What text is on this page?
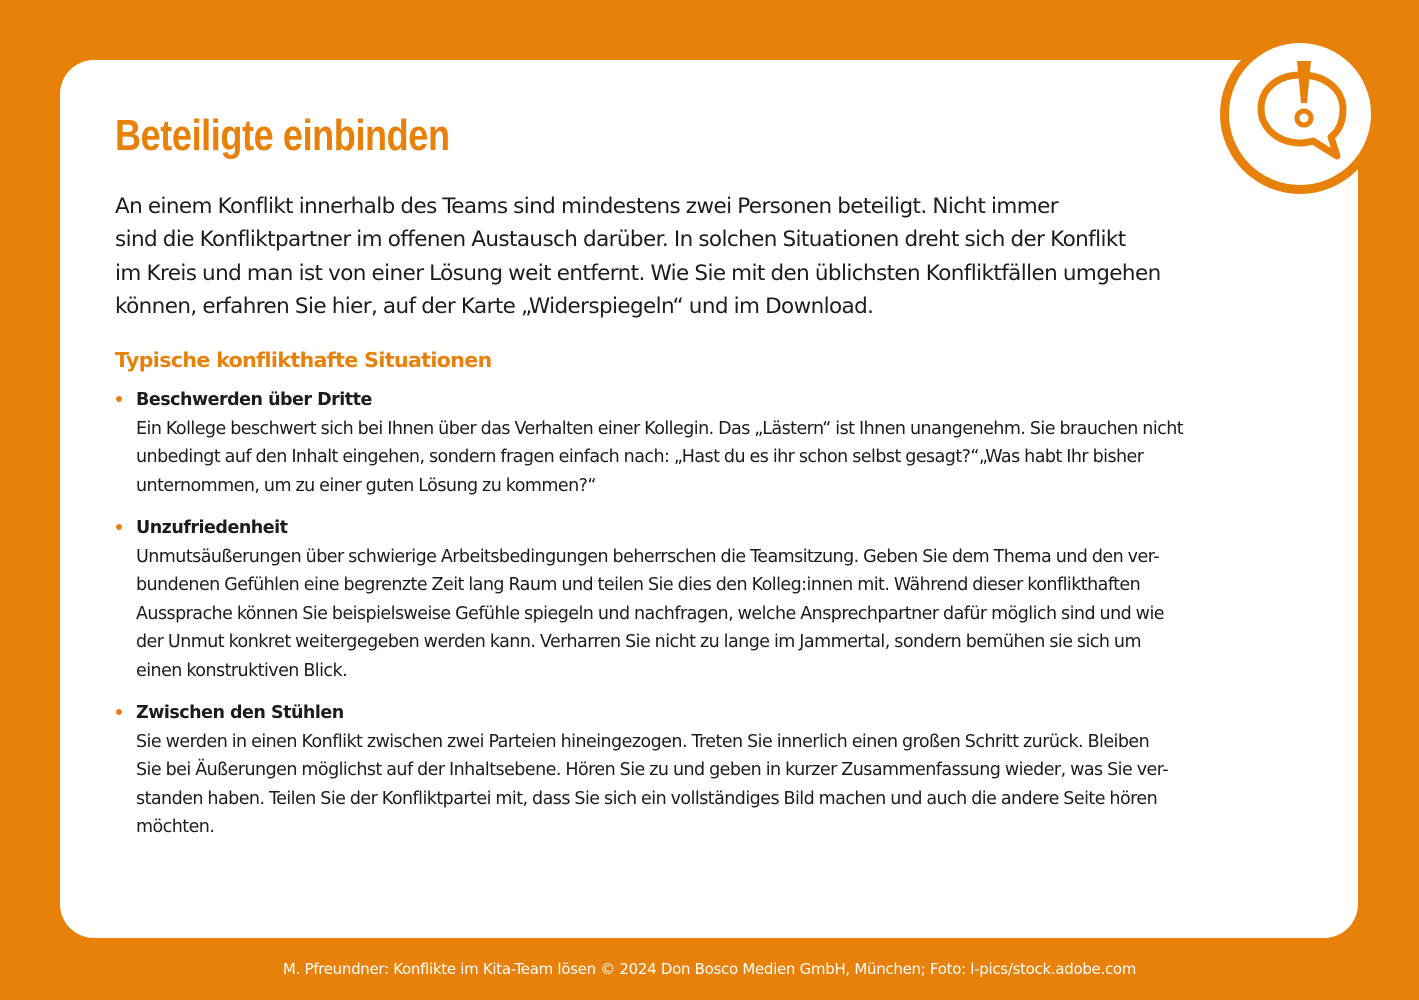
Beteiligte einbinden

An einem Konflikt innerhalb des Teams sind mindestens zwei Personen beteiligt. Nicht immer
sind die Konfliktpartner im offenen Austausch darüber. In solchen Situationen dreht sich der Konflikt
im Kreis und man ist von einer Lösung weit entfernt. Wie Sie mit den üblichsten Konfliktfällen umgehen
können, erfahren Sie hier, auf der Karte „Widerspiegeln“ und im Download.

Typische konflikthafte Situationen

Beschwerden über Dritte

Ein Kollege beschwert sich bei Ihnen über das Verhalten einer Kollegin. Das „Lästern“ ist Ihnen unangenehm. Sie brauchen nicht
unbedingt auf den Inhalt eingehen, sondern fragen einfach nach: „Hast du es ihr schon selbst gesagt?“„Was habt Ihr bisher
unternommen, um zu einer guten Lösung zu kommen?“

Unzufriedenheit

Unmutsäußerungen über schwierige Arbeitsbedingungen beherrschen die Teamsitzung. Geben Sie dem Thema und den ver-
bundenen Gefühlen eine begrenzte Zeit lang Raum und teilen Sie dies den Kolleg:innen mit. Während dieser konflikthaften
Aussprache können Sie beispielsweise Gefühle spiegeln und nachfragen, welche Ansprechpartner dafür möglich sind und wie
der Unmut konkret weitergegeben werden kann. Verharren Sie nicht zu lange im Jammertal, sondern bemühen sie sich um
einen konstruktiven Blick.

Zwischen den Stühlen

Sie werden in einen Konflikt zwischen zwei Parteien hineingezogen. Treten Sie innerlich einen großen Schritt zurück. Bleiben
Sie bei Äußerungen möglichst auf der Inhaltsebene. Hören Sie zu und geben in kurzer Zusammenfassung wieder, was Sie ver-
standen haben. Teilen Sie der Konfliktpartei mit, dass Sie sich ein vollständiges Bild machen und auch die andere Seite hören
möchten.

M. Pfreundner: Konflikte im Kita-Team lösen © 2024 Don Bosco Medien GmbH, München; Foto: l-pics/stock.adobe.com
